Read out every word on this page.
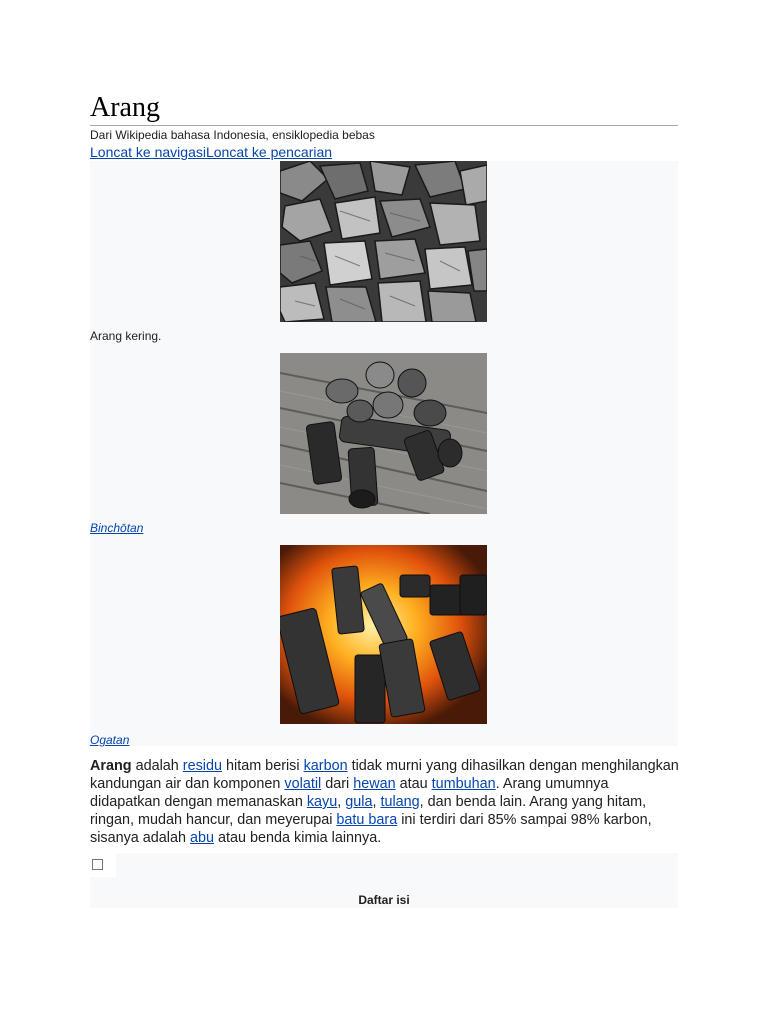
Arang
Dari Wikipedia bahasa Indonesia, ensiklopedia bebas
Loncat ke navigasiLoncat ke pencarian
Arang kering.
Binchōtan
Ogatan

Arang adalah residu hitam berisi karbon tidak murni yang dihasilkan dengan menghilangkan kandungan air dan komponen volatil dari hewan atau tumbuhan. Arang umumnya didapatkan dengan memanaskan kayu, gula, tulang, dan benda lain. Arang yang hitam, ringan, mudah hancur, dan meyerupai batu bara ini terdiri dari 85% sampai 98% karbon, sisanya adalah abu atau benda kimia lainnya.

Daftar isi
